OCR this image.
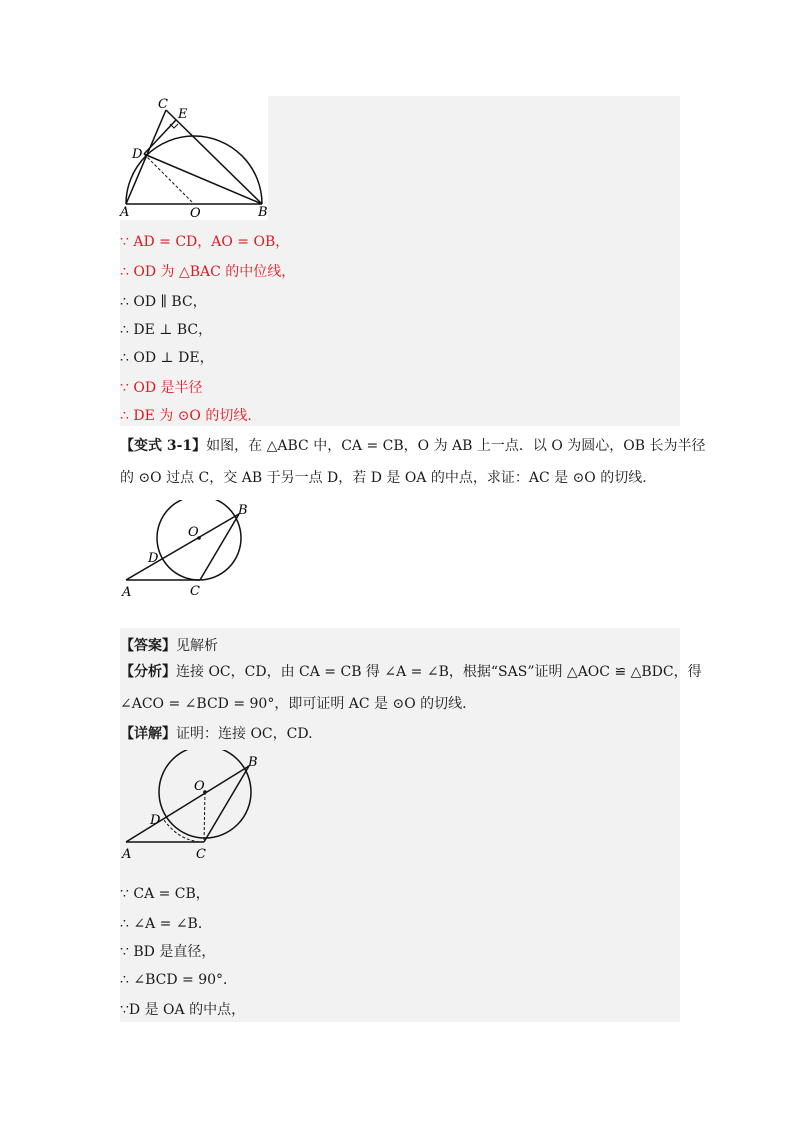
C
E
D
A	O	B
∵ AD = CD，AO = OB，
∴ OD 为 △BAC 的中位线，
∴ OD ∥ BC，
∴ DE ⊥ BC，
∴ OD ⊥ DE，
∵ OD 是半径
∴ DE 为 ⊙O 的切线.
【变式 3-1】如图，在 △ABC 中，CA = CB，O 为 AB 上一点．以 O 为圆心，OB 长为半径
的 ⊙O 过点 C，交 AB 于另一点 D，若 D 是 OA 的中点，求证：AC 是 ⊙O 的切线.
O
B
D
A	C
【答案】见解析
【分析】连接 OC，CD，由 CA = CB 得 ∠A = ∠B，根据“SAS”证明 △AOC ≌ △BDC，得
∠ACO = ∠BCD = 90°，即可证明 AC 是 ⊙O 的切线.
【详解】证明：连接 OC，CD.
O
B
D
A	C
∵ CA = CB，
∴ ∠A = ∠B．
∵ BD 是直径，
∴ ∠BCD = 90°．
∵D 是 OA 的中点，
